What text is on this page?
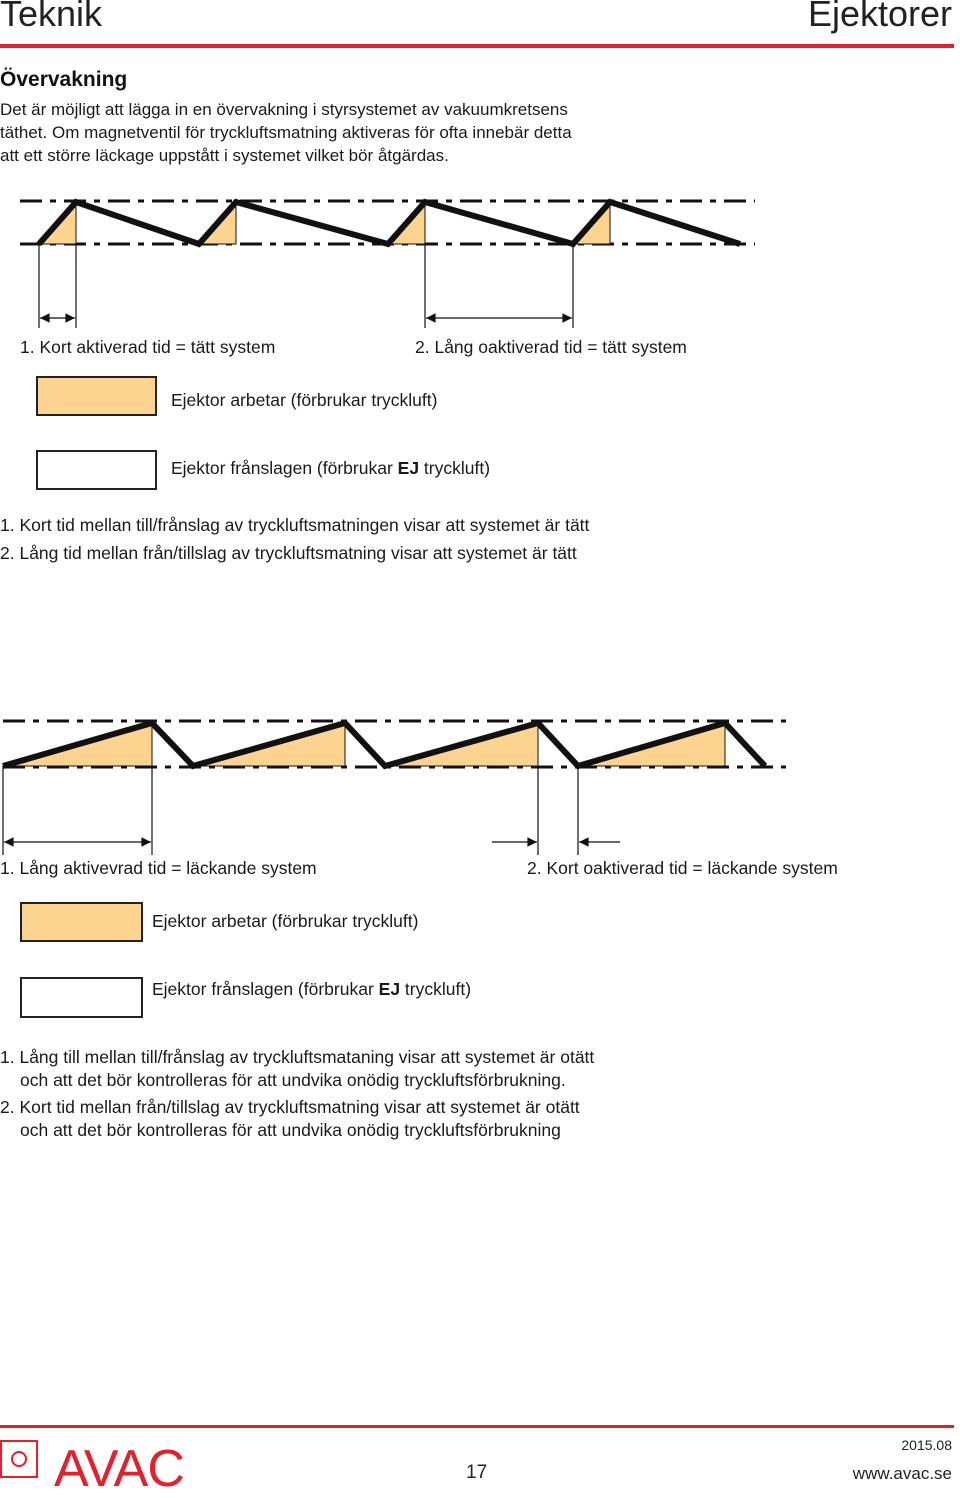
Teknik	Ejektorer
Övervakning
Det är möjligt att lägga in en övervakning i styrsystemet av vakuumkretsens
täthet. Om magnetventil för tryckluftsmatning aktiveras för ofta innebär detta
att ett större läckage uppstått i systemet vilket bör åtgärdas.
1. Kort aktiverad tid = tätt system	2. Lång oaktiverad tid = tätt system
Ejektor arbetar (förbrukar tryckluft)
Ejektor frånslagen (förbrukar EJ tryckluft)
1. Kort tid mellan till/frånslag av tryckluftsmatningen visar att systemet är tätt
2. Lång tid mellan från/tillslag av tryckluftsmatning visar att systemet är tätt
1. Lång aktivevrad tid = läckande system	2. Kort oaktiverad tid = läckande system
Ejektor arbetar (förbrukar tryckluft)
Ejektor frånslagen (förbrukar EJ tryckluft)
1. Lång till mellan till/frånslag av tryckluftsmataning visar att systemet är otätt
och att det bör kontrolleras för att undvika onödig tryckluftsförbrukning.
2. Kort tid mellan från/tillslag av tryckluftsmatning visar att systemet är otätt
och att det bör kontrolleras för att undvika onödig tryckluftsförbrukning
AVAC	17
2015.08
www.avac.se
